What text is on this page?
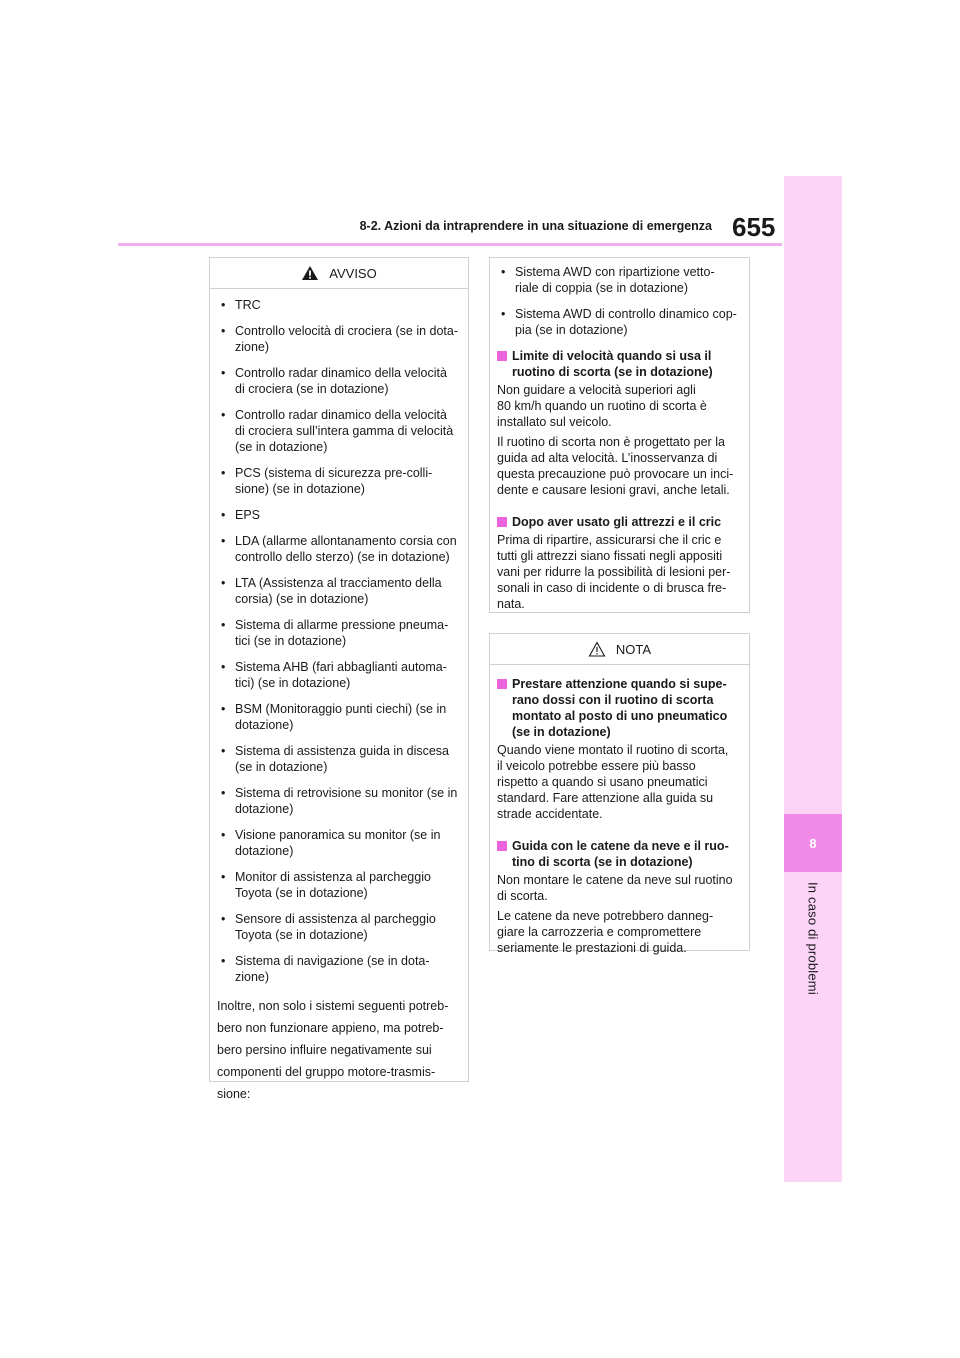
8-2. Azioni da intraprendere in una situazione di emergenza 655
8
In caso di problemi
AVVISO
• TRC
• Controllo velocità di crociera (se in dota-
zione)
• Controllo radar dinamico della velocità
di crociera (se in dotazione)
• Controllo radar dinamico della velocità
di crociera sull’intera gamma di velocità
(se in dotazione)
• PCS (sistema di sicurezza pre-colli-
sione) (se in dotazione)
• EPS
• LDA (allarme allontanamento corsia con
controllo dello sterzo) (se in dotazione)
• LTA (Assistenza al tracciamento della
corsia) (se in dotazione)
• Sistema di allarme pressione pneuma-
tici (se in dotazione)
• Sistema AHB (fari abbaglianti automa-
tici) (se in dotazione)
• BSM (Monitoraggio punti ciechi) (se in
dotazione)
• Sistema di assistenza guida in discesa
(se in dotazione)
• Sistema di retrovisione su monitor (se in
dotazione)
• Visione panoramica su monitor (se in
dotazione)
• Monitor di assistenza al parcheggio
Toyota (se in dotazione)
• Sensore di assistenza al parcheggio
Toyota (se in dotazione)
• Sistema di navigazione (se in dota-
zione)

Inoltre, non solo i sistemi seguenti potreb-

bero non funzionare appieno, ma potreb-

bero persino influire negativamente sui

componenti del gruppo motore-trasmis-

sione:

• Sistema AWD con ripartizione vetto-
riale di coppia (se in dotazione)
• Sistema AWD di controllo dinamico cop-
pia (se in dotazione)
Limite di velocità quando si usa il
ruotino di scorta (se in dotazione)

Non guidare a velocità superiori agli
80 km/h quando un ruotino di scorta è
installato sul veicolo.

Il ruotino di scorta non è progettato per la
guida ad alta velocità. L’inosservanza di
questa precauzione può provocare un inci-
dente e causare lesioni gravi, anche letali.

Dopo aver usato gli attrezzi e il cric

Prima di ripartire, assicurarsi che il cric e
tutti gli attrezzi siano fissati negli appositi
vani per ridurre la possibilità di lesioni per-
sonali in caso di incidente o di brusca fre-
nata.

NOTA
Prestare attenzione quando si supe-
rano dossi con il ruotino di scorta
montato al posto di uno pneumatico
(se in dotazione)

Quando viene montato il ruotino di scorta,
il veicolo potrebbe essere più basso
rispetto a quando si usano pneumatici
standard. Fare attenzione alla guida su
strade accidentate.

Guida con le catene da neve e il ruo-
tino di scorta (se in dotazione)

Non montare le catene da neve sul ruotino
di scorta.

Le catene da neve potrebbero danneg-
giare la carrozzeria e compromettere
seriamente le prestazioni di guida.
